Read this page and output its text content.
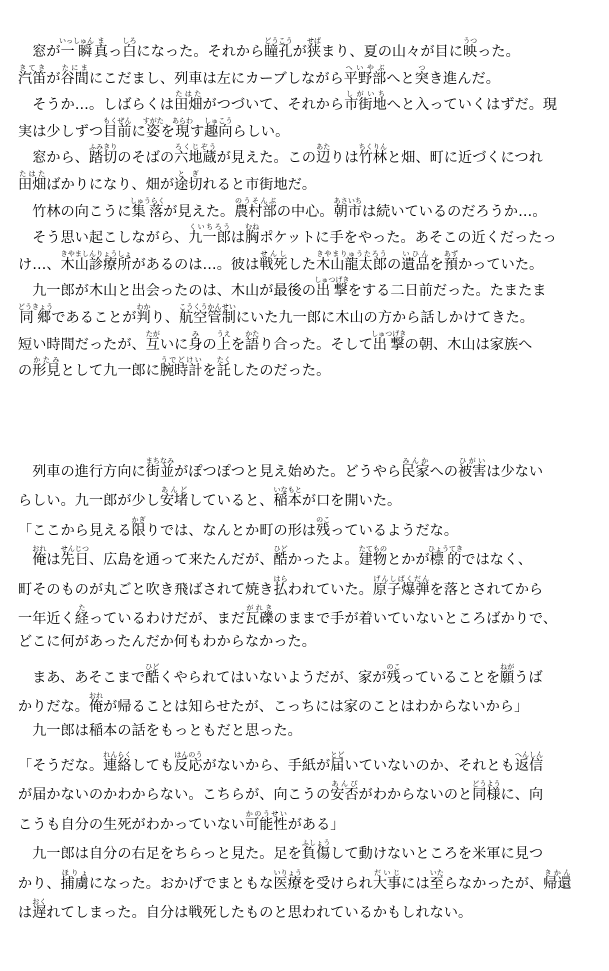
　窓が一瞬いっしゅん真まっ白しろになった。それから瞳孔どうこうが狭せばまり、夏の山々が目に映うつった。
汽笛きてきが谷間たにまにこだまし、列車は左にカーブしながら平野部へいやぶへと突つき進んだ。
　そうか…。しばらくは田畑たはたがつづいて、それから市街地しがいちへと入っていくはずだ。現
実は少しずつ目前もくぜんに姿すがたを現あらわす趣向しゅこうらしい。
　窓から、踏切ふみきりのそばの六地蔵ろくじぞうが見えた。この辺あたりは竹林ちくりんと畑、町に近づくにつれ
田畑たはたばかりになり、畑が途切とぎれると市街地だ。
　竹林の向こうに集落しゅうらくが見えた。農村部のうそんぶの中心。朝市あさいちは続いているのだろうか…。
　そう思い起こしながら、九一郎くいちろうは胸むねポケットに手をやった。あそこの近くだったっ
け…、木山診療所きやましんりょうしょがあるのは…。彼は戦死せんしした木山龍太郎きやまりゅうたろうの遺品いひんを預あずかっていた。
　九一郎が木山と出会ったのは、木山が最後の出撃しゅつげきをする二日前だった。たまたま
同郷どうきょうであることが判わかり、航空管制こうくうかんせいにいた九一郎に木山の方から話しかけてきた。
短い時間だったが、互たがいに身みの上うえを語かたり合った。そして出撃しゅつげきの朝、木山は家族へ
の形見かたみとして九一郎に腕時計うでどけいを託たくしたのだった。
　列車の進行方向に街並まちなみがぽつぽつと見え始めた。どうやら民家みんかへの被害ひがいは少ない
らしい。九一郎が少し安堵あんどしていると、稲本いなもとが口を開いた。
「ここから見える限かぎりでは、なんとか町の形は残のこっているようだな。
　俺おれは先日せんじつ、広島を通って来たんだが、酷ひどかったよ。建物たてものとかが標的ひょうてきではなく、
町そのものが丸ごと吹き飛ばされて焼き払はらわれていた。原子爆弾げんしばくだんを落とされてから
一年近く経たっているわけだが、まだ瓦礫がれきのままで手が着いていないところばかりで、
どこに何があったんだか何もわからなかった。
　まあ、あそこまで酷ひどくやられてはいないようだが、家が残のこっていることを願ねがうば
かりだな。俺おれが帰ることは知らせたが、こっちには家のことはわからないから」
　九一郎は稲本の話をもっともだと思った。
「そうだな。連絡れんらくしても反応はんのうがないから、手紙が届とどいていないのか、それとも返信へんしん
が届かないのかわからない。こちらが、向こうの安否あんぴがわからないのと同様どうように、向
こうも自分の生死がわかっていない可能性かのうせいがある」
　九一郎は自分の右足をちらっと見た。足を負傷ふしょうして動けないところを米軍に見つ
かり、捕虜ほりょになった。おかげでまともな医療いりょうを受けられ大事だいじには至いたらなかったが、帰還きかん
は遅おくれてしまった。自分は戦死したものと思われているかもしれない。
